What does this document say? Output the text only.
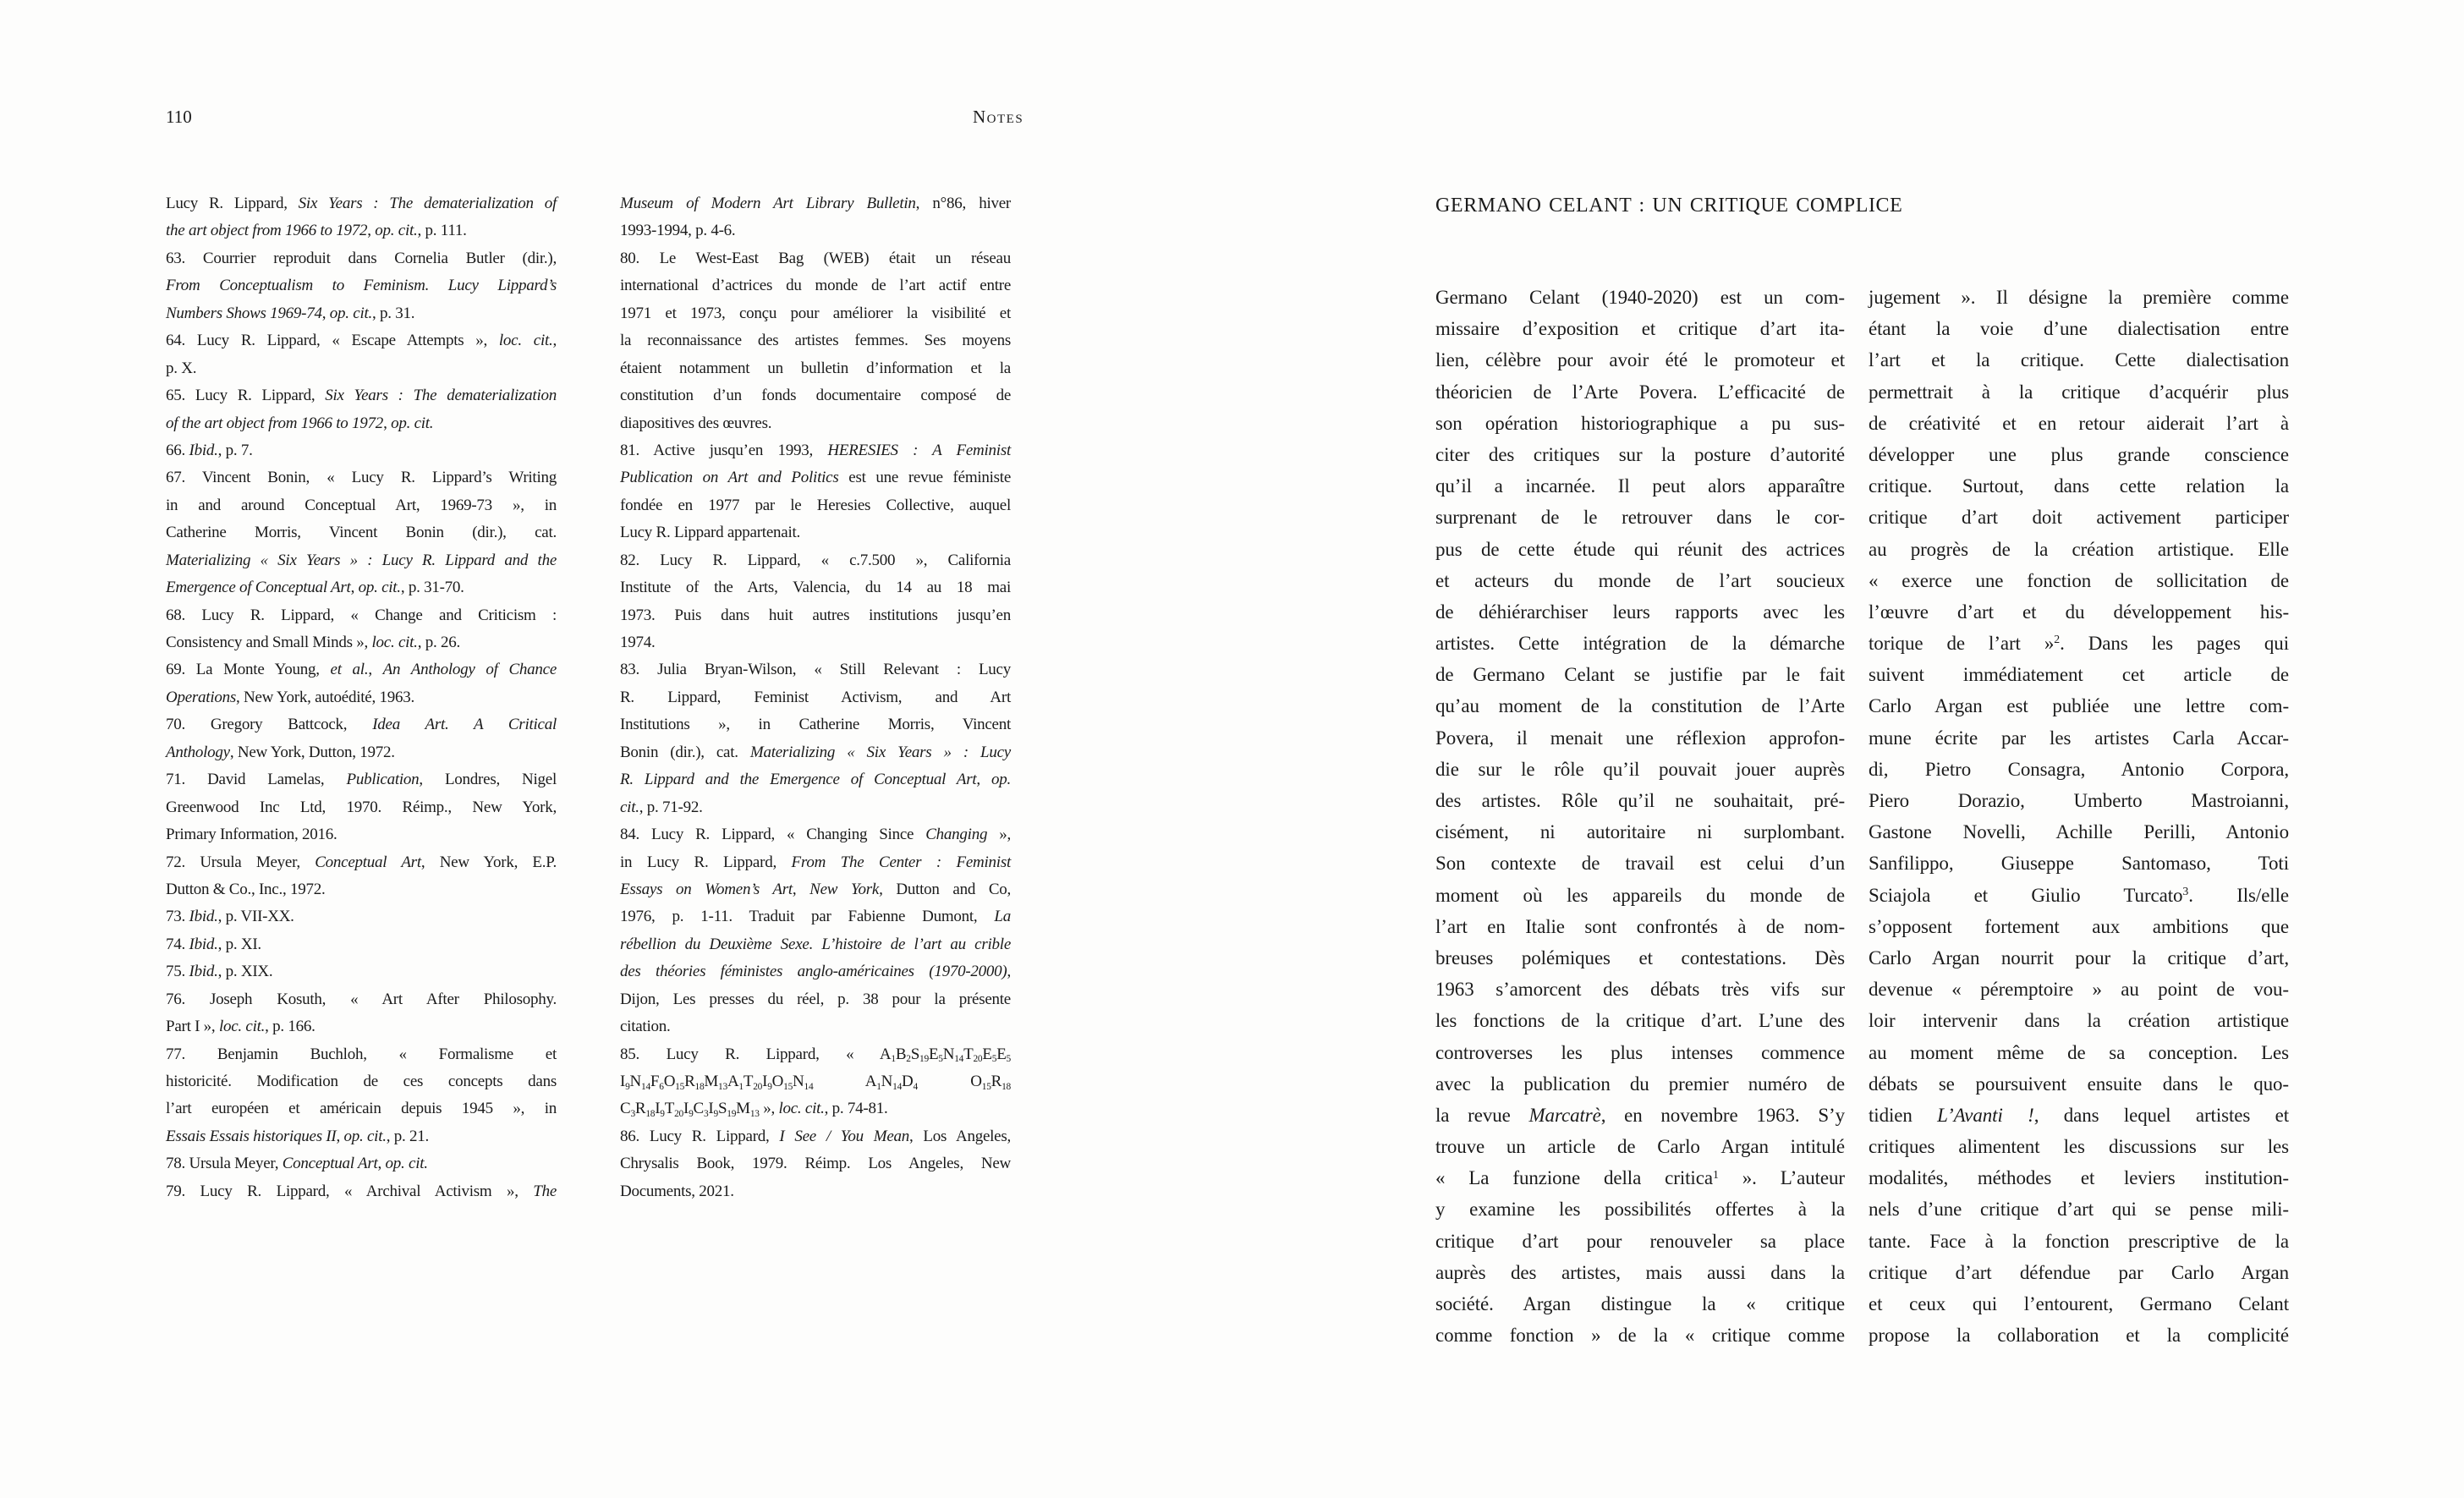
110	Notes
Lucy R. Lippard, Six Years : The dematerialization of
the art object from 1966 to 1972, op. cit., p. 111.
63. Courrier reproduit dans Cornelia Butler (dir.),
From Conceptualism to Feminism. Lucy Lippard’s
Numbers Shows 1969-74, op. cit., p. 31.
64. Lucy R. Lippard, « Escape Attempts », loc. cit.,
p. X.
65. Lucy R. Lippard, Six Years : The dematerialization
of the art object from 1966 to 1972, op. cit.
66. Ibid., p. 7.
67. Vincent Bonin, « Lucy R. Lippard’s Writing
in and around Conceptual Art, 1969-73 », in
Catherine Morris, Vincent Bonin (dir.), cat.
Materializing « Six Years » : Lucy R. Lippard and the
Emergence of Conceptual Art, op. cit., p. 31-70.
68. Lucy R. Lippard, « Change and Criticism :
Consistency and Small Minds », loc. cit., p. 26.
69. La Monte Young, et al., An Anthology of Chance
Operations, New York, autoédité, 1963.
70. Gregory Battcock, Idea Art. A Critical
Anthology, New York, Dutton, 1972.
71. David Lamelas, Publication, Londres, Nigel
Greenwood Inc Ltd, 1970. Réimp., New York,
Primary Information, 2016.
72. Ursula Meyer, Conceptual Art, New York, E.P.
Dutton & Co., Inc., 1972.
73. Ibid., p. VII-XX.
74. Ibid., p. XI.
75. Ibid., p. XIX.
76. Joseph Kosuth, « Art After Philosophy.
Part I », loc. cit., p. 166.
77. Benjamin Buchloh, « Formalisme et
historicité. Modification de ces concepts dans
l’art européen et américain depuis 1945 », in
Essais Essais historiques II, op. cit., p. 21.
78. Ursula Meyer, Conceptual Art, op. cit.
79. Lucy R. Lippard, « Archival Activism », The
Museum of Modern Art Library Bulletin, n°86, hiver
1993-1994, p. 4-6.
80. Le West-East Bag (WEB) était un réseau
international d’actrices du monde de l’art actif entre
1971 et 1973, conçu pour améliorer la visibilité et
la reconnaissance des artistes femmes. Ses moyens
étaient notamment un bulletin d’information et la
constitution d’un fonds documentaire composé de
diapositives des œuvres.
81. Active jusqu’en 1993, HERESIES : A Feminist
Publication on Art and Politics est une revue féministe
fondée en 1977 par le Heresies Collective, auquel
Lucy R. Lippard appartenait.
82. Lucy R. Lippard, « c.7.500 », California
Institute of the Arts, Valencia, du 14 au 18 mai
1973. Puis dans huit autres institutions jusqu’en
1974.
83. Julia Bryan-Wilson, « Still Relevant : Lucy
R. Lippard, Feminist Activism, and Art
Institutions », in Catherine Morris, Vincent
Bonin (dir.), cat. Materializing « Six Years » : Lucy
R. Lippard and the Emergence of Conceptual Art, op.
cit., p. 71-92.
84. Lucy R. Lippard, « Changing Since Changing »,
in Lucy R. Lippard, From The Center : Feminist
Essays on Women’s Art, New York, Dutton and Co,
1976, p. 1-11. Traduit par Fabienne Dumont, La
rébellion du Deuxième Sexe. L’histoire de l’art au crible
des théories féministes anglo-américaines (1970-2000),
Dijon, Les presses du réel, p. 38 pour la présente
citation.
85. Lucy R. Lippard, « $A_1B_2S_{19}E_5N_{14}T_{20}E_5E_5$
$I_9N_{14}F_6O_{15}R_{18}M_{13}A_1T_{20}I_9O_{15}N_{14}$ $A_1N_{14}D_4$ $O_{15}R_{18}$
$C_3R_{18}I_9T_{20}I_9C_3I_9S_{19}M_{13}$ », loc. cit., p. 74-81.
86. Lucy R. Lippard, I See / You Mean, Los Angeles,
Chrysalis Book, 1979. Réimp. Los Angeles, New
Documents, 2021.
GERMANO CELANT : UN CRITIQUE COMPLICE
Germano Celant (1940-2020) est un com-
missaire d’exposition et critique d’art ita-
lien, célèbre pour avoir été le promoteur et
théoricien de l’Arte Povera. L’efficacité de
son opération historiographique a pu sus-
citer des critiques sur la posture d’autorité
qu’il a incarnée. Il peut alors apparaître
surprenant de le retrouver dans le cor-
pus de cette étude qui réunit des actrices
et acteurs du monde de l’art soucieux
de déhiérarchiser leurs rapports avec les
artistes. Cette intégration de la démarche
de Germano Celant se justifie par le fait
qu’au moment de la constitution de l’Arte
Povera, il menait une réflexion approfon-
die sur le rôle qu’il pouvait jouer auprès
des artistes. Rôle qu’il ne souhaitait, pré-
cisément, ni autoritaire ni surplombant.
Son contexte de travail est celui d’un
moment où les appareils du monde de
l’art en Italie sont confrontés à de nom-
breuses polémiques et contestations. Dès
1963 s’amorcent des débats très vifs sur
les fonctions de la critique d’art. L’une des
controverses les plus intenses commence
avec la publication du premier numéro de
la revue Marcatrè, en novembre 1963. S’y
trouve un article de Carlo Argan intitulé
« La funzione della critica$^1$ ». L’auteur
y examine les possibilités offertes à la
critique d’art pour renouveler sa place
auprès des artistes, mais aussi dans la
société. Argan distingue la « critique
comme fonction » de la « critique comme
jugement ». Il désigne la première comme
étant la voie d’une dialectisation entre
l’art et la critique. Cette dialectisation
permettrait à la critique d’acquérir plus
de créativité et en retour aiderait l’art à
développer une plus grande conscience
critique. Surtout, dans cette relation la
critique d’art doit activement participer
au progrès de la création artistique. Elle
« exerce une fonction de sollicitation de
l’œuvre d’art et du développement his-
torique de l’art »$^2$. Dans les pages qui
suivent immédiatement cet article de
Carlo Argan est publiée une lettre com-
mune écrite par les artistes Carla Accar-
di, Pietro Consagra, Antonio Corpora,
Piero Dorazio, Umberto Mastroianni,
Gastone Novelli, Achille Perilli, Antonio
Sanfilippo, Giuseppe Santomaso, Toti
Sciajola et Giulio Turcato$^3$. Ils/elle
s’opposent fortement aux ambitions que
Carlo Argan nourrit pour la critique d’art,
devenue « péremptoire » au point de vou-
loir intervenir dans la création artistique
au moment même de sa conception. Les
débats se poursuivent ensuite dans le quo-
tidien L’Avanti !, dans lequel artistes et
critiques alimentent les discussions sur les
modalités, méthodes et leviers institution-
nels d’une critique d’art qui se pense mili-
tante. Face à la fonction prescriptive de la
critique d’art défendue par Carlo Argan
et ceux qui l’entourent, Germano Celant
propose la collaboration et la complicité
